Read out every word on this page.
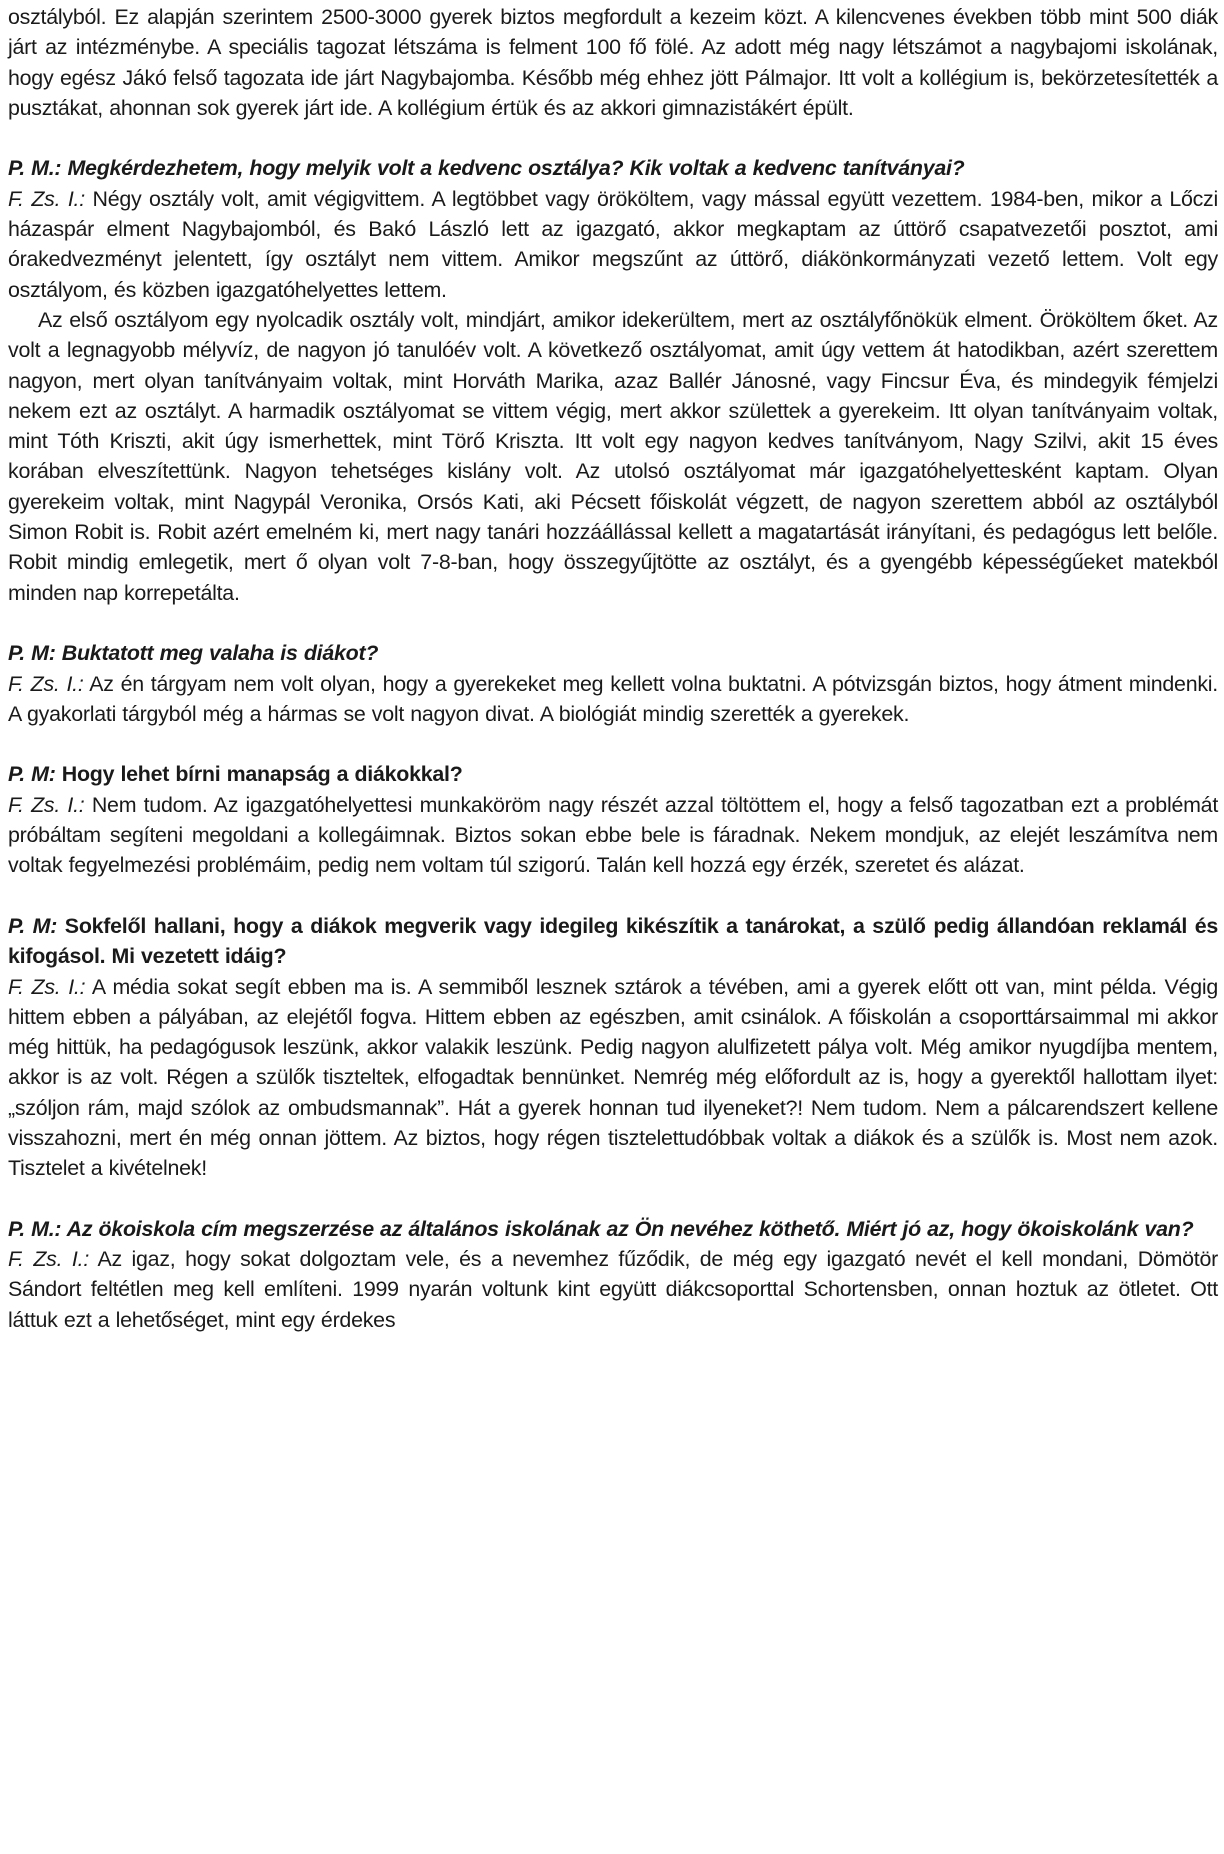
osztályból. Ez alapján szerintem 2500-3000 gyerek biztos megfordult a kezeim közt. A kilencvenes években több mint 500 diák járt az intézménybe. A speciális tagozat létszáma is felment 100 fő fölé. Az adott még nagy létszámot a nagybajomi iskolának, hogy egész Jákó felső tagozata ide járt Nagybajomba. Később még ehhez jött Pálmajor. Itt volt a kollégium is, bekörzetesítették a pusztákat, ahonnan sok gyerek járt ide. A kollégium értük és az akkori gimnazistákért épült.

P. M.: Megkérdezhetem, hogy melyik volt a kedvenc osztálya? Kik voltak a kedvenc tanítványai?

F. Zs. I.: Négy osztály volt, amit végigvittem. A legtöbbet vagy örököltem, vagy mással együtt vezettem. 1984-ben, mikor a Lőczi házaspár elment Nagybajomból, és Bakó László lett az igazgató, akkor megkaptam az úttörő csapatvezetői posztot, ami órakedvezményt jelentett, így osztályt nem vittem. Amikor megszűnt az úttörő, diákönkormányzati vezető lettem. Volt egy osztályom, és közben igazgatóhelyettes lettem.

Az első osztályom egy nyolcadik osztály volt, mindjárt, amikor idekerültem, mert az osztályfőnökük elment. Örököltem őket. Az volt a legnagyobb mélyvíz, de nagyon jó tanulóév volt. A következő osztályomat, amit úgy vettem át hatodikban, azért szerettem nagyon, mert olyan tanítványaim voltak, mint Horváth Marika, azaz Ballér Jánosné, vagy Fincsur Éva, és mindegyik fémjelzi nekem ezt az osztályt. A harmadik osztályomat se vittem végig, mert akkor születtek a gyerekeim. Itt olyan tanítványaim voltak, mint Tóth Kriszti, akit úgy ismerhettek, mint Törő Kriszta. Itt volt egy nagyon kedves tanítványom, Nagy Szilvi, akit 15 éves korában elveszítettünk. Nagyon tehetséges kislány volt. Az utolsó osztályomat már igazgatóhelyettesként kaptam. Olyan gyerekeim voltak, mint Nagypál Veronika, Orsós Kati, aki Pécsett főiskolát végzett, de nagyon szerettem abból az osztályból Simon Robit is. Robit azért emelném ki, mert nagy tanári hozzáállással kellett a magatartását irányítani, és pedagógus lett belőle. Robit mindig emlegetik, mert ő olyan volt 7-8-ban, hogy összegyűjtötte az osztályt, és a gyengébb képességűeket matekból minden nap korrepetálta.

P. M: Buktatott meg valaha is diákot?

F. Zs. I.: Az én tárgyam nem volt olyan, hogy a gyerekeket meg kellett volna buktatni. A pótvizsgán biztos, hogy átment mindenki. A gyakorlati tárgyból még a hármas se volt nagyon divat. A biológiát mindig szerették a gyerekek.

P. M: Hogy lehet bírni manapság a diákokkal?

F. Zs. I.: Nem tudom. Az igazgatóhelyettesi munkaköröm nagy részét azzal töltöttem el, hogy a felső tagozatban ezt a problémát próbáltam segíteni megoldani a kollegáimnak. Biztos sokan ebbe bele is fáradnak. Nekem mondjuk, az elejét leszámítva nem voltak fegyelmezési problémáim, pedig nem voltam túl szigorú. Talán kell hozzá egy érzék, szeretet és alázat.

P. M: Sokfelől hallani, hogy a diákok megverik vagy idegileg kikészítik a tanárokat, a szülő pedig állandóan reklamál és kifogásol. Mi vezetett idáig?

F. Zs. I.: A média sokat segít ebben ma is. A semmiből lesznek sztárok a tévében, ami a gyerek előtt ott van, mint példa. Végig hittem ebben a pályában, az elejétől fogva. Hittem ebben az egészben, amit csinálok. A főiskolán a csoporttársaimmal mi akkor még hittük, ha pedagógusok leszünk, akkor valakik leszünk. Pedig nagyon alulfizetett pálya volt. Még amikor nyugdíjba mentem, akkor is az volt. Régen a szülők tiszteltek, elfogadtak bennünket. Nemrég még előfordult az is, hogy a gyerektől hallottam ilyet: „szóljon rám, majd szólok az ombudsmannak”. Hát a gyerek honnan tud ilyeneket?! Nem tudom. Nem a pálcarendszert kellene visszahozni, mert én még onnan jöttem. Az biztos, hogy régen tisztelettudóbbak voltak a diákok és a szülők is. Most nem azok. Tisztelet a kivételnek!

P. M.: Az ökoiskola cím megszerzése az általános iskolának az Ön nevéhez köthető. Miért jó az, hogy ökoiskolánk van?

F. Zs. I.: Az igaz, hogy sokat dolgoztam vele, és a nevemhez fűződik, de még egy igazgató nevét el kell mondani, Dömötör Sándort feltétlen meg kell említeni. 1999 nyarán voltunk kint együtt diákcsoporttal Schortensben, onnan hoztuk az ötletet. Ott láttuk ezt a lehetőséget, mint egy érdekes
